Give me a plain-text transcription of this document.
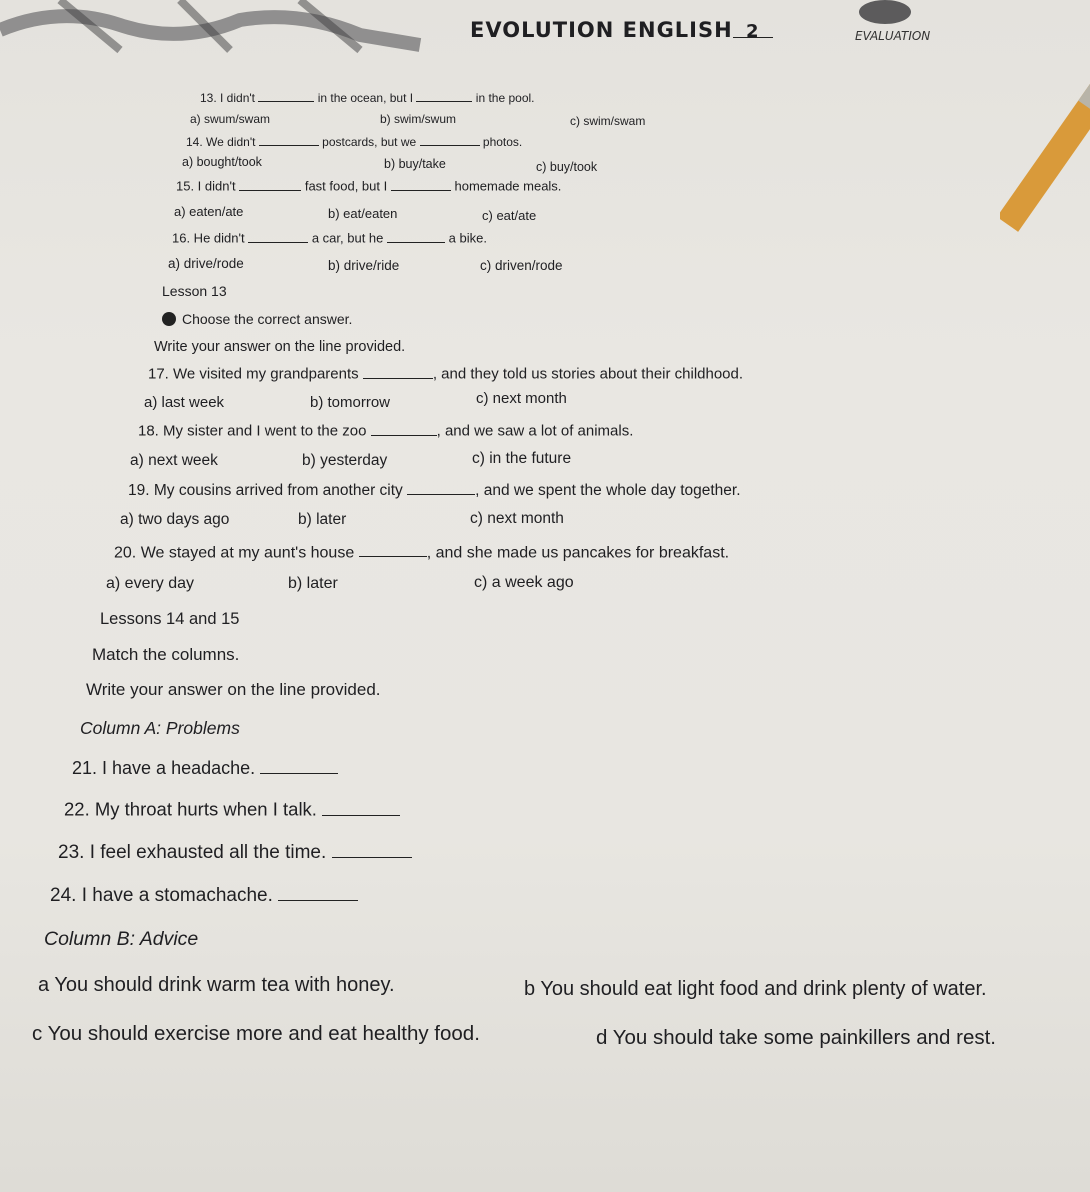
EVALUATION
EVOLUTION ENGLISH 2
13. I didn't	in the ocean, but I	in the pool.
a) swum/swam	b) swim/swum	c) swim/swam
14. We didn't	postcards, but we	photos.
a) bought/took	b) buy/take	c) buy/took
15. I didn't	fast food, but I	homemade meals.
a) eaten/ate	b) eat/eaten	c) eat/ate
16. He didn't	a car, but he	a bike.
a) drive/rode	b) drive/ride	c) driven/rode
Lesson 13
Choose the correct answer.
Write your answer on the line provided.
17. We visited my grandparents	, and they told us stories about their childhood.
a) last week	b) tomorrow	c) next month
18. My sister and I went to the zoo	, and we saw a lot of animals.
a) next week	b) yesterday	c) in the future
19. My cousins arrived from another city	, and we spent the whole day together.
a) two days ago	b) later	c) next month
20. We stayed at my aunt's house	, and she made us pancakes for breakfast.
a) every day	b) later	c) a week ago
Lessons 14 and 15
Match the columns.
Write your answer on the line provided.
Column A: Problems
21. I have a headache.
22. My throat hurts when I talk.
23. I feel exhausted all the time.
24. I have a stomachache.
Column B: Advice
a You should drink warm tea with honey.	b You should eat light food and drink plenty of water.
c You should exercise more and eat healthy food.	d You should take some painkillers and rest.
